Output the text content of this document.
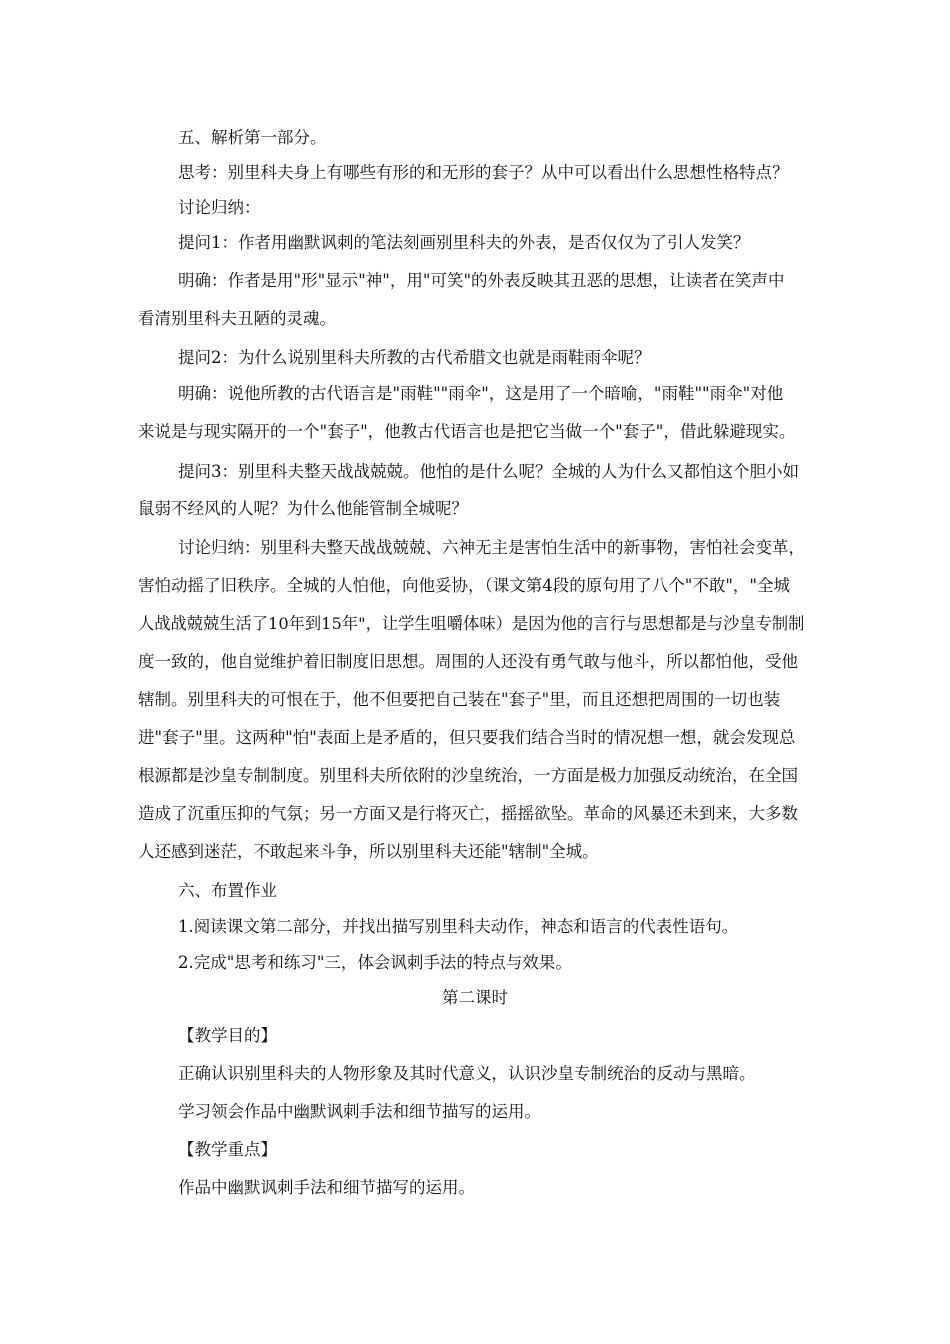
五、解析第一部分。
思考：别里科夫身上有哪些有形的和无形的套子？从中可以看出什么思想性格特点？
讨论归纳：
提问1：作者用幽默讽刺的笔法刻画别里科夫的外表，是否仅仅为了引人发笑？
明确：作者是用"形"显示"神"，用"可笑"的外表反映其丑恶的思想，让读者在笑声中
看清别里科夫丑陋的灵魂。
提问2：为什么说别里科夫所教的古代希腊文也就是雨鞋雨伞呢？
明确：说他所教的古代语言是"雨鞋""雨伞"，这是用了一个暗喻，"雨鞋""雨伞"对他
来说是与现实隔开的一个"套子"，他教古代语言也是把它当做一个"套子"，借此躲避现实。
提问3：别里科夫整天战战兢兢。他怕的是什么呢？全城的人为什么又都怕这个胆小如
鼠弱不经风的人呢？为什么他能管制全城呢？
讨论归纳：别里科夫整天战战兢兢、六神无主是害怕生活中的新事物，害怕社会变革，
害怕动摇了旧秩序。全城的人怕他，向他妥协，（课文第4段的原句用了八个"不敢"，"全城
人战战兢兢生活了10年到15年"，让学生咀嚼体味）是因为他的言行与思想都是与沙皇专制制
度一致的，他自觉维护着旧制度旧思想。周围的人还没有勇气敢与他斗，所以都怕他，受他
辖制。别里科夫的可恨在于，他不但要把自己装在"套子"里，而且还想把周围的一切也装
进"套子"里。这两种"怕"表面上是矛盾的，但只要我们结合当时的情况想一想，就会发现总
根源都是沙皇专制制度。别里科夫所依附的沙皇统治，一方面是极力加强反动统治，在全国
造成了沉重压抑的气氛；另一方面又是行将灭亡，摇摇欲坠。革命的风暴还未到来，大多数
人还感到迷茫，不敢起来斗争，所以别里科夫还能"辖制"全城。
六、布置作业
1.阅读课文第二部分，并找出描写别里科夫动作，神态和语言的代表性语句。
2.完成"思考和练习"三，体会讽刺手法的特点与效果。
第二课时
【教学目的】
正确认识别里科夫的人物形象及其时代意义，认识沙皇专制统治的反动与黑暗。
学习领会作品中幽默讽刺手法和细节描写的运用。
【教学重点】
作品中幽默讽刺手法和细节描写的运用。
